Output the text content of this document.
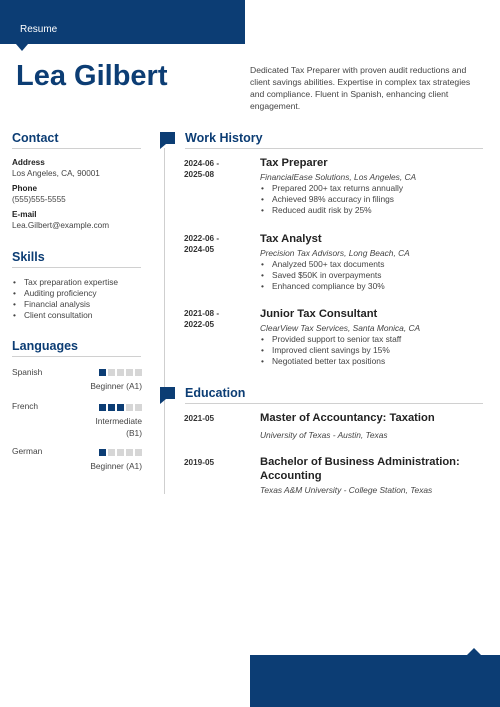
Resume
Lea Gilbert	Dedicated Tax Preparer with proven audit reductions and client savings abilities. Expertise in complex tax strategies and compliance. Fluent in Spanish, enhancing client engagement.
Contact
Address
Los Angeles, CA, 90001
Phone
(555)555-5555
E-mail
Lea.Gilbert@example.com
Skills
• Tax preparation expertise
• Auditing proficiency
• Financial analysis
• Client consultation
Languages
Spanish
Beginner (A1)
French
Intermediate (B1)
German
Beginner (A1)
Work History
2024-06 -
2025-08
Tax Preparer
FinancialEase Solutions, Los Angeles, CA
• Prepared 200+ tax returns annually
• Achieved 98% accuracy in filings
• Reduced audit risk by 25%
2022-06 -
2024-05
Tax Analyst
Precision Tax Advisors, Long Beach, CA
• Analyzed 500+ tax documents
• Saved $50K in overpayments
• Enhanced compliance by 30%
2021-08 -
2022-05
Junior Tax Consultant
ClearView Tax Services, Santa Monica, CA
• Provided support to senior tax staff
• Improved client savings by 15%
• Negotiated better tax positions
Education
2021-05	Master of Accountancy: Taxation
University of Texas - Austin, Texas
2019-05	Bachelor of Business Administration: Accounting
Texas A&M University - College Station, Texas
